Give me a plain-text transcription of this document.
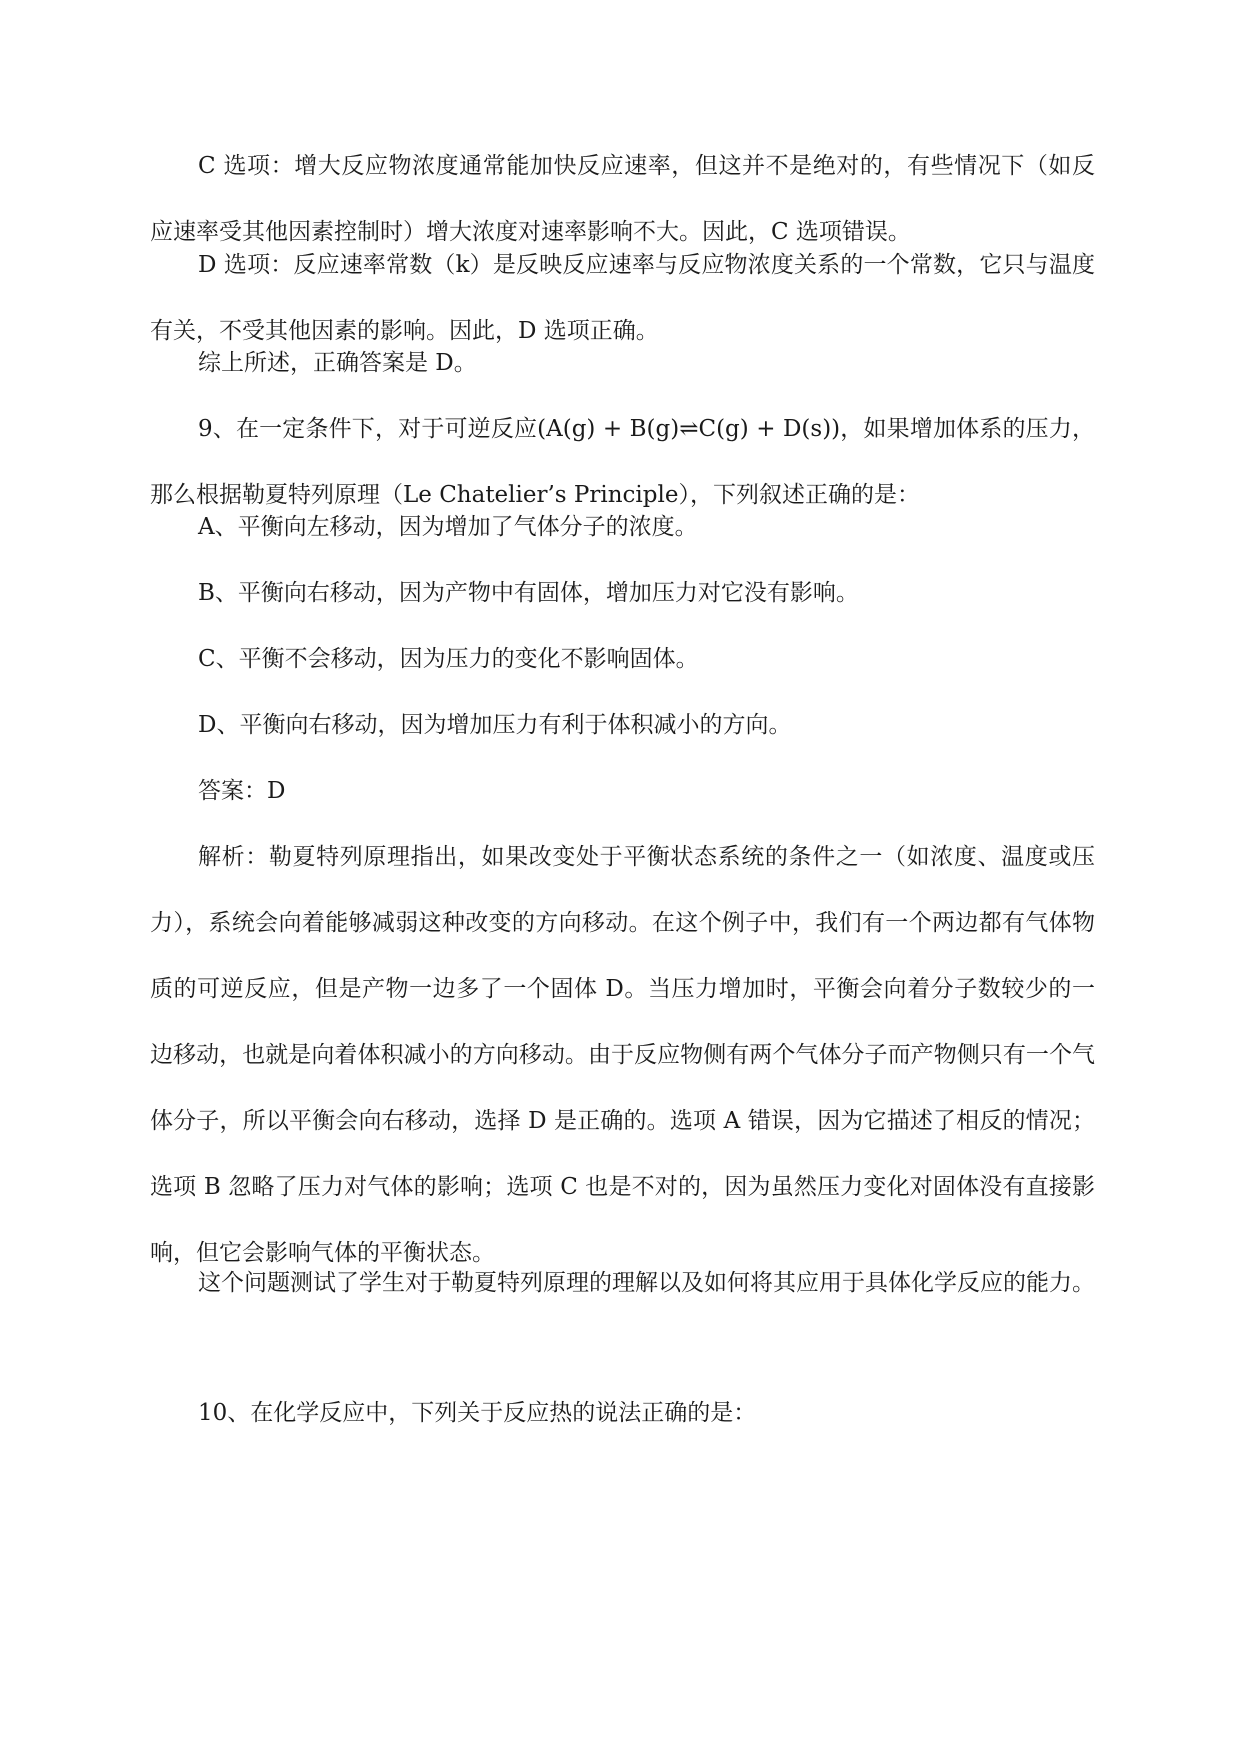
C 选项：增大反应物浓度通常能加快反应速率，但这并不是绝对的，有些情况下（如反应速率受其他因素控制时）增大浓度对速率影响不大。因此，C 选项错误。

D 选项：反应速率常数（k）是反映反应速率与反应物浓度关系的一个常数，它只与温度有关，不受其他因素的影响。因此，D 选项正确。

综上所述，正确答案是 D。

9、在一定条件下，对于可逆反应(A(g) + B(g)⇌C(g) + D(s))，如果增加体系的压力，那么根据勒夏特列原理（Le Chatelier’s Principle），下列叙述正确的是：

A、平衡向左移动，因为增加了气体分子的浓度。

B、平衡向右移动，因为产物中有固体，增加压力对它没有影响。

C、平衡不会移动，因为压力的变化不影响固体。

D、平衡向右移动，因为增加压力有利于体积减小的方向。

答案：D

解析：勒夏特列原理指出，如果改变处于平衡状态系统的条件之一（如浓度、温度或压力），系统会向着能够减弱这种改变的方向移动。在这个例子中，我们有一个两边都有气体物质的可逆反应，但是产物一边多了一个固体 D。当压力增加时，平衡会向着分子数较少的一边移动，也就是向着体积减小的方向移动。由于反应物侧有两个气体分子而产物侧只有一个气体分子，所以平衡会向右移动，选择 D 是正确的。选项 A 错误，因为它描述了相反的情况；选项 B 忽略了压力对气体的影响；选项 C 也是不对的，因为虽然压力变化对固体没有直接影响，但它会影响气体的平衡状态。

这个问题测试了学生对于勒夏特列原理的理解以及如何将其应用于具体化学反应的能力。

10、在化学反应中，下列关于反应热的说法正确的是：
